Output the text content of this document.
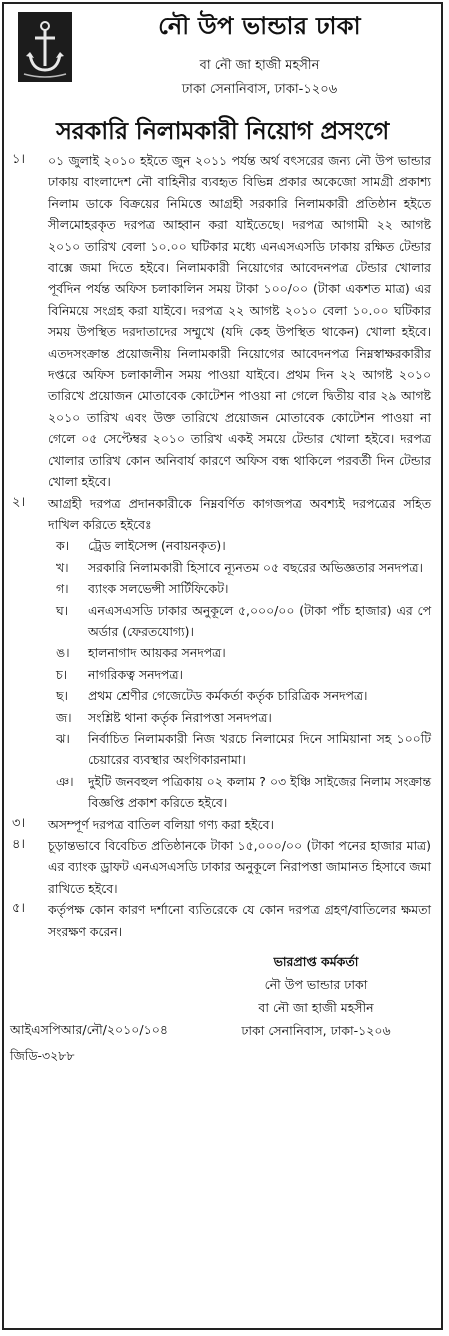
নৌ উপ ভান্ডার ঢাকা
বা নৌ জা হাজী মহসীন
ঢাকা সেনানিবাস, ঢাকা-১২০৬
সরকারি নিলামকারী নিয়োগ প্রসংগে
১। ০১ জুলাই ২০১০ হইতে জুন ২০১১ পর্যন্ত অর্থ বৎসরের জন্য নৌ উপ ভান্ডার ঢাকায় বাংলাদেশ নৌ বাহিনীর ব্যবহৃত বিভিন্ন প্রকার অকেজো সামগ্রী প্রকাশ্য নিলাম ডাকে বিক্রয়ের নিমিত্তে আগ্রহী সরকারি নিলামকারী প্রতিষ্ঠান হইতে সীলমোহরকৃত দরপত্র আহ্বান করা যাইতেছে। দরপত্র আগামী ২২ আগষ্ট ২০১০ তারিখ বেলা ১০.০০ ঘটিকার মধ্যে এনএসএসডি ঢাকায় রক্ষিত টেন্ডার বাক্সে জমা দিতে হইবে। নিলামকারী নিয়োগের আবেদনপত্র টেন্ডার খোলার পূর্বদিন পর্যন্ত অফিস চলাকালিন সময় টাকা ১০০/০০ (টাকা একশত মাত্র) এর বিনিময়ে সংগ্রহ করা যাইবে। দরপত্র ২২ আগষ্ট ২০১০ বেলা ১০.০০ ঘটিকার সময় উপস্থিত দরদাতাদের সম্মুখে (যদি কেহ উপস্থিত থাকেন) খোলা হইবে। এতদসংক্রান্ত প্রয়োজনীয় নিলামকারী নিয়োগের আবেদনপত্র নিম্নস্বাক্ষরকারীর দপ্তরে অফিস চলাকালীন সময় পাওয়া যাইবে। প্রথম দিন ২২ আগষ্ট ২০১০ তারিখে প্রয়োজন মোতাবেক কোটেশন পাওয়া না গেলে দ্বিতীয় বার ২৯ আগষ্ট ২০১০ তারিখ এবং উক্ত তারিখে প্রয়োজন মোতাবেক কোটেশন পাওয়া না গেলে ০৫ সেপ্টেম্বর ২০১০ তারিখ একই সময়ে টেন্ডার খোলা হইবে। দরপত্র খোলার তারিখ কোন অনিবার্য কারণে অফিস বন্ধ থাকিলে পরবর্তী দিন টেন্ডার খোলা হইবে।

২। আগ্রহী দরপত্র প্রদানকারীকে নিম্নবর্ণিত কাগজপত্র অবশ্যই দরপত্রের সহিত দাখিল করিতে হইবেঃ

ক। ট্রেড লাইসেন্স (নবায়নকৃত)।

খ। সরকারি নিলামকারী হিসাবে ন্যূনতম ০৫ বছরের অভিজ্ঞতার সনদপত্র।

গ। ব্যাংক সলভেন্সী সার্টিফিকেট।

ঘ। এনএসএসডি ঢাকার অনুকূলে ৫,০০০/০০ (টাকা পাঁচ হাজার) এর পে অর্ডার (ফেরতযোগ্য)।

ঙ। হালনাগাদ আয়কর সনদপত্র।

চ। নাগরিকত্ব সনদপত্র।

ছ। প্রথম শ্রেণীর গেজেটেড কর্মকর্তা কর্তৃক চারিত্রিক সনদপত্র।

জ। সংশ্লিষ্ট থানা কর্তৃক নিরাপত্তা সনদপত্র।

ঝ। নির্বাচিত নিলামকারী নিজ খরচে নিলামের দিনে সামিয়ানা সহ ১০০টি চেয়ারের ব্যবস্থার অংগিকারনামা।

ঞ। দুইটি জনবহুল পত্রিকায় ০২ কলাম ? ০৩ ইঞ্চি সাইজের নিলাম সংক্রান্ত বিজ্ঞপ্তি প্রকাশ করিতে হইবে।

৩। অসম্পূর্ণ দরপত্র বাতিল বলিয়া গণ্য করা হইবে।

৪। চূড়ান্তভাবে বিবেচিত প্রতিষ্ঠানকে টাকা ১৫,০০০/০০ (টাকা পনের হাজার মাত্র) এর ব্যাংক ড্রাফট এনএসএসডি ঢাকার অনুকূলে নিরাপত্তা জামানত হিসাবে জমা রাখিতে হইবে।

৫। কর্তৃপক্ষ কোন কারণ দর্শানো ব্যতিরেকে যে কোন দরপত্র গ্রহণ/বাতিলের ক্ষমতা সংরক্ষণ করেন।

ভারপ্রাপ্ত কর্মকর্তা
নৌ উপ ভান্ডার ঢাকা
বা নৌ জা হাজী মহসীন
ঢাকা সেনানিবাস, ঢাকা-১২০৬
আইএসপিআর/নৌ/২০১০/১০৪
জিডি-৩২৮৮
